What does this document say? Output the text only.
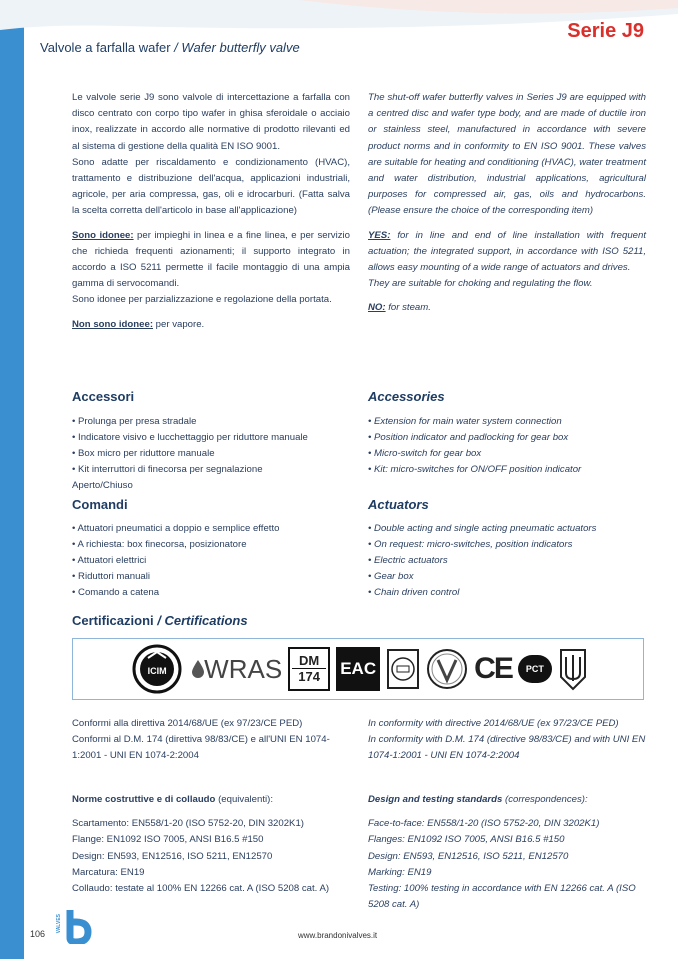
Serie J9
Valvole a farfalla wafer / Wafer butterfly valve

Le valvole serie J9 sono valvole di intercettazione a farfalla con disco centrato con corpo tipo wafer in ghisa sferoidale o acciaio inox, realizzate in accordo alle normative di prodotto rilevanti ed al sistema di gestione della qualità EN ISO 9001.

Sono adatte per riscaldamento e condizionamento (HVAC), trattamento e distribuzione dell'acqua, applicazioni industriali, agricole, per aria compressa, gas, oli e idrocarburi. (Fatta salva la scelta corretta dell'articolo in base all'applicazione)

Sono idonee: per impieghi in linea e a fine linea, e per servizio che richieda frequenti azionamenti; il supporto integrato in accordo a ISO 5211 permette il facile montaggio di una ampia gamma di servocomandi.

Sono idonee per parzializzazione e regolazione della portata.

Non sono idonee: per vapore.

The shut-off wafer butterfly valves in Series J9 are equipped with a centred disc and wafer type body, and are made of ductile iron or stainless steel, manufactured in accordance with severe product norms and in conformity to EN ISO 9001. These valves are suitable for heating and conditioning (HVAC), water treatment and water distribution, industrial applications, agricultural purposes for compressed air, gas, oils and hydrocarbons. (Please ensure the choice of the corresponding item)

YES: for in line and end of line installation with frequent actuation; the integrated support, in accordance with ISO 5211, allows easy mounting of a wide range of actuators and drives.

They are suitable for choking and regulating the flow.

NO: for steam.

Accessori	Accessories
• Prolunga per presa stradale
• Indicatore visivo e lucchettaggio per riduttore manuale
• Box micro per riduttore manuale
• Kit interruttori di finecorsa per segnalazione
Aperto/Chiuso
• Extension for main water system connection
• Position indicator and padlocking for gear box
• Micro-switch for gear box
• Kit: micro-switches for ON/OFF position indicator
Comandi	Actuators
• Attuatori pneumatici a doppio e semplice effetto
• A richiesta: box finecorsa, posizionatore
• Attuatori elettrici
• Riduttori manuali
• Comando a catena
• Double acting and single acting pneumatic actuators
• On request: micro-switches, position indicators
• Electric actuators
• Gear box
• Chain driven control
Certificazioni / Certifications
ICIM	WRAS DM
174 EAC	CE PCT

Conformi alla direttiva 2014/68/UE (ex 97/23/CE PED)

Conformi al D.M. 174 (direttiva 98/83/CE) e all'UNI EN 1074-1:2001 - UNI EN 1074-2:2004

In conformity with directive 2014/68/UE (ex 97/23/CE PED)

In conformity with D.M. 174 (directive 98/83/CE) and with UNI EN 1074-1:2001 - UNI EN 1074-2:2004

Norme costruttive e di collaudo (equivalenti):

Scartamento: EN558/1-20 (ISO 5752-20, DIN 3202K1)

Flange: EN1092 ISO 7005, ANSI B16.5 #150

Design: EN593, EN12516, ISO 5211, EN12570

Marcatura: EN19

Collaudo: testate al 100% EN 12266 cat. A (ISO 5208 cat. A)

Design and testing standards (correspondences):

Face-to-face: EN558/1-20 (ISO 5752-20, DIN 3202K1)

Flanges: EN1092 ISO 7005, ANSI B16.5 #150

Design: EN593, EN12516, ISO 5211, EN12570

Marking: EN19

Testing: 100% testing in accordance with EN 12266 cat. A (ISO 5208 cat. A)

106
VALVES
www.brandonivalves.it
